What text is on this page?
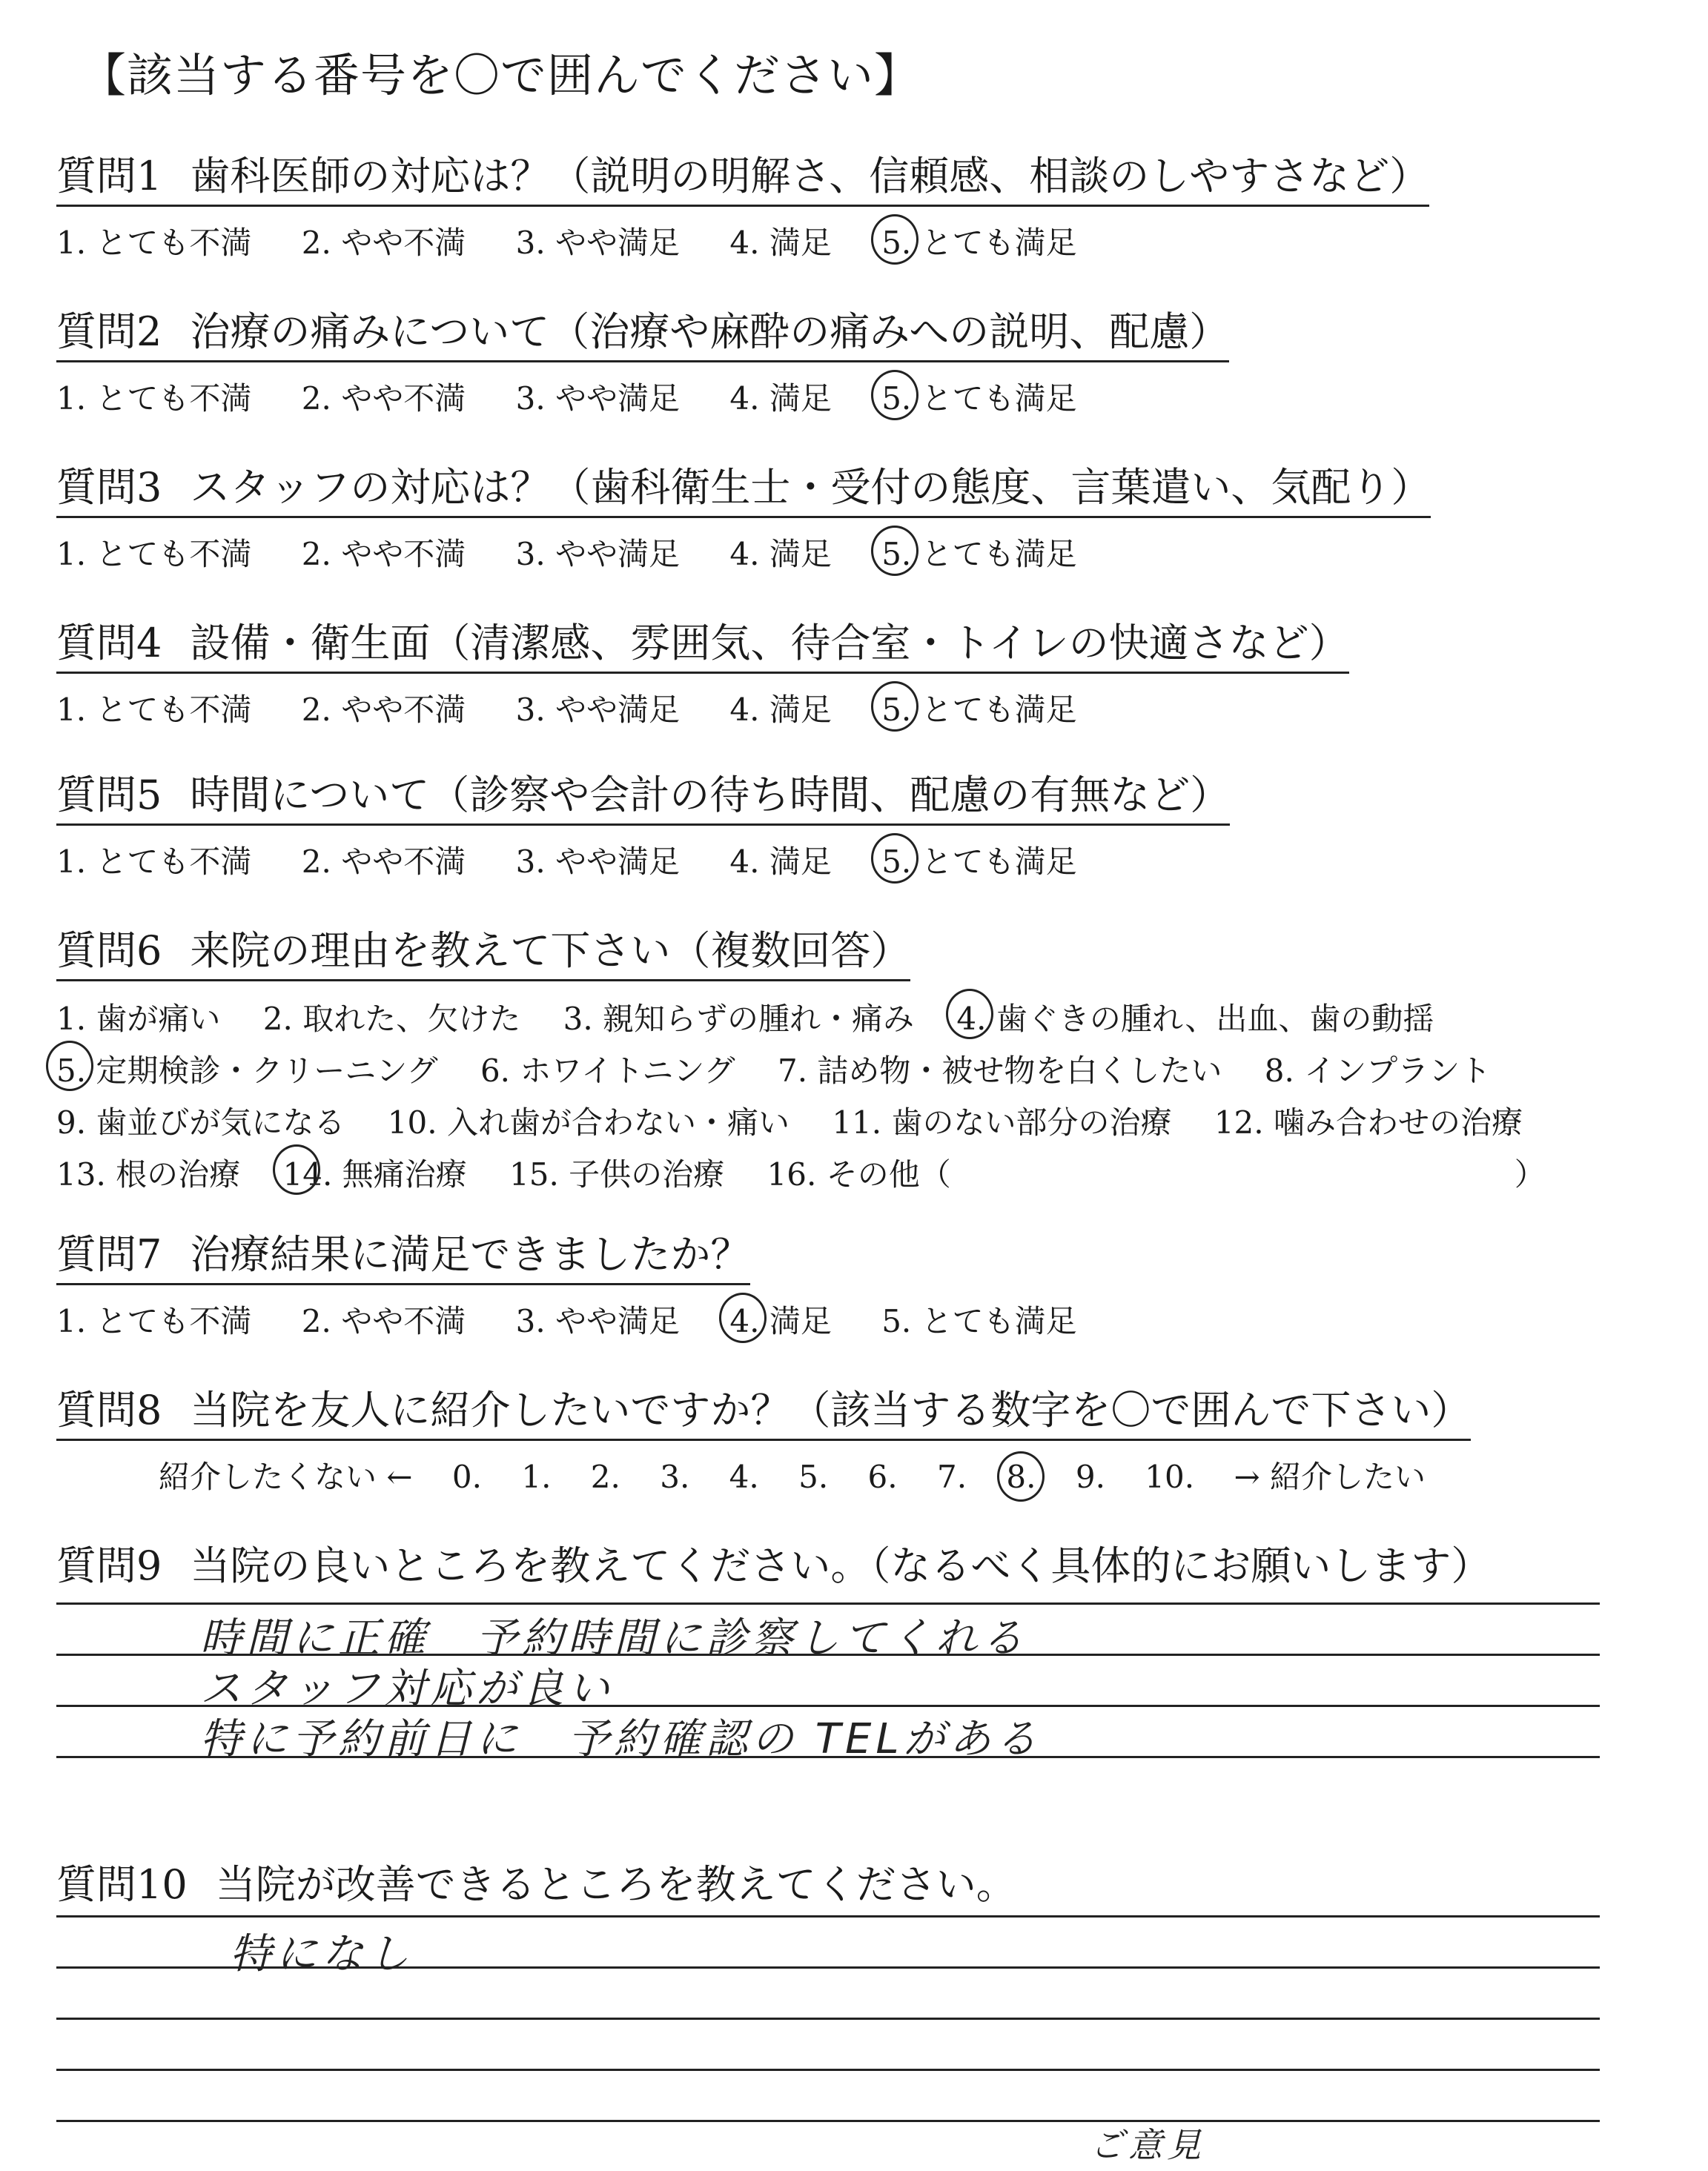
【該当する番号を〇で囲んでください】
質問1 歯科医師の対応は？（説明の明解さ、信頼感、相談のしやすさなど）
1. とても不満 2. やや不満 3. やや満足 4. 満足 5. とても満足
質問2 治療の痛みについて（治療や麻酔の痛みへの説明、配慮）
1. とても不満 2. やや不満 3. やや満足 4. 満足 5. とても満足
質問3 スタッフの対応は？（歯科衛生士・受付の態度、言葉遣い、気配り）
1. とても不満 2. やや不満 3. やや満足 4. 満足 5. とても満足
質問4 設備・衛生面（清潔感、雰囲気、待合室・トイレの快適さなど）
1. とても不満 2. やや不満 3. やや満足 4. 満足 5. とても満足
質問5 時間について（診察や会計の待ち時間、配慮の有無など）
1. とても不満 2. やや不満 3. やや満足 4. 満足 5. とても満足
質問6 来院の理由を教えて下さい（複数回答）
1. 歯が痛い 2. 取れた、欠けた 3. 親知らずの腫れ・痛み 4. 歯ぐきの腫れ、出血、歯の動揺
5. 定期検診・クリーニング 6. ホワイトニング 7. 詰め物・被せ物を白くしたい 8. インプラント
9. 歯並びが気になる 10. 入れ歯が合わない・痛い 11. 歯のない部分の治療 12. 噛み合わせの治療
13. 根の治療 14. 無痛治療 15. 子供の治療 16. その他（	）
質問7 治療結果に満足できましたか？
1. とても不満 2. やや不満 3. やや満足 4. 満足 5. とても満足
質問8 当院を友人に紹介したいですか？（該当する数字を〇で囲んで下さい）
紹介したくない ← 0. 1. 2. 3. 4. 5. 6. 7. 8. 9. 10. → 紹介したい
質問9 当院の良いところを教えてください。（なるべく具体的にお願いします）
時間に正確　予約時間に診察してくれる
スタッフ対応が良い
特に予約前日に　予約確認の TELがある
質問10 当院が改善できるところを教えてください。
特になし
ご意見
